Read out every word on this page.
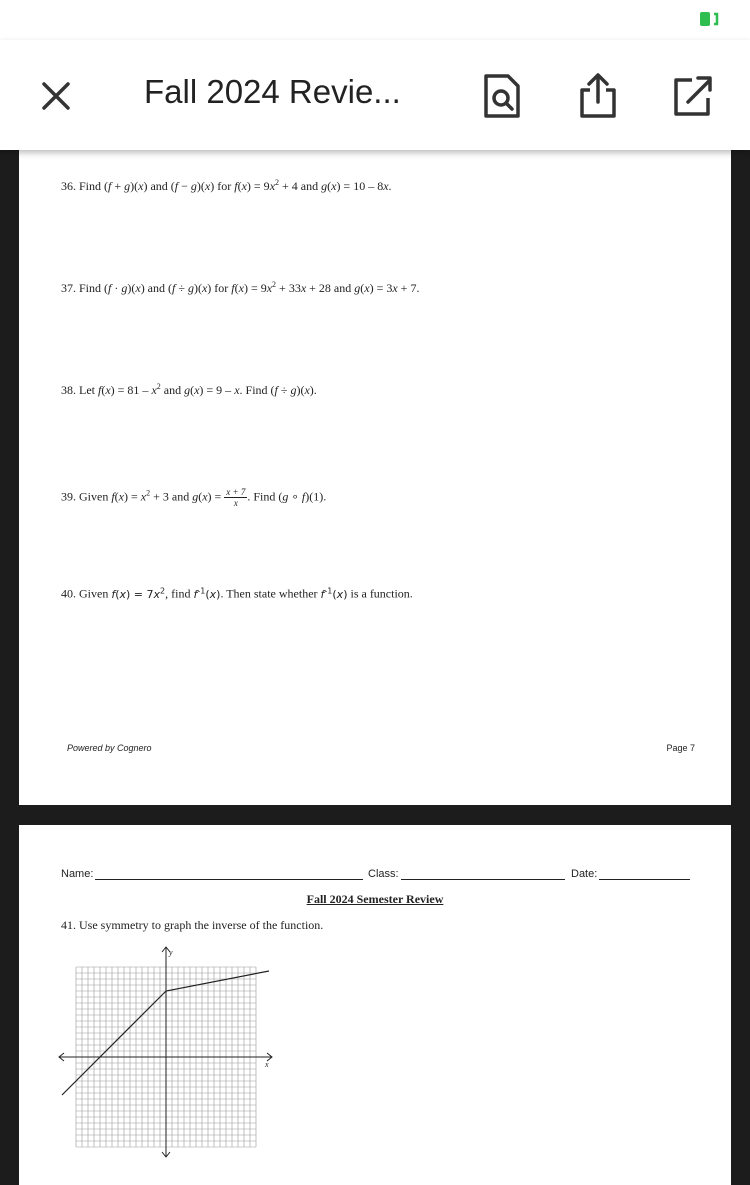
Fall 2024 Revie...
36. Find (f + g)(x) and (f − g)(x) for $f(x) = 9x^2 + 4$ and g(x) = 10 – 8x.
37. Find (f · g)(x) and (f ÷ g)(x) for $f(x) = 9x^2 + 33x + 28$ and g(x) = 3x + 7.
38. Let $f(x) = 81 - x^2$ and g(x) = 9 – x. Find (f ÷ g)(x).
39. Given $f(x) = x^2 + 3$ and $g(x) = \frac{x + 7}{x}$ . Find (g ∘ f)(1).
40. Given $f(x) = 7x^2$, find $f^{-1}(x)$. Then state whether $f^{-1}(x)$ is a function.
Powered by Cognero	Page 7
Name:	Class:	Date:
Fall 2024 Semester Review
41. Use symmetry to graph the inverse of the function.
x
y
